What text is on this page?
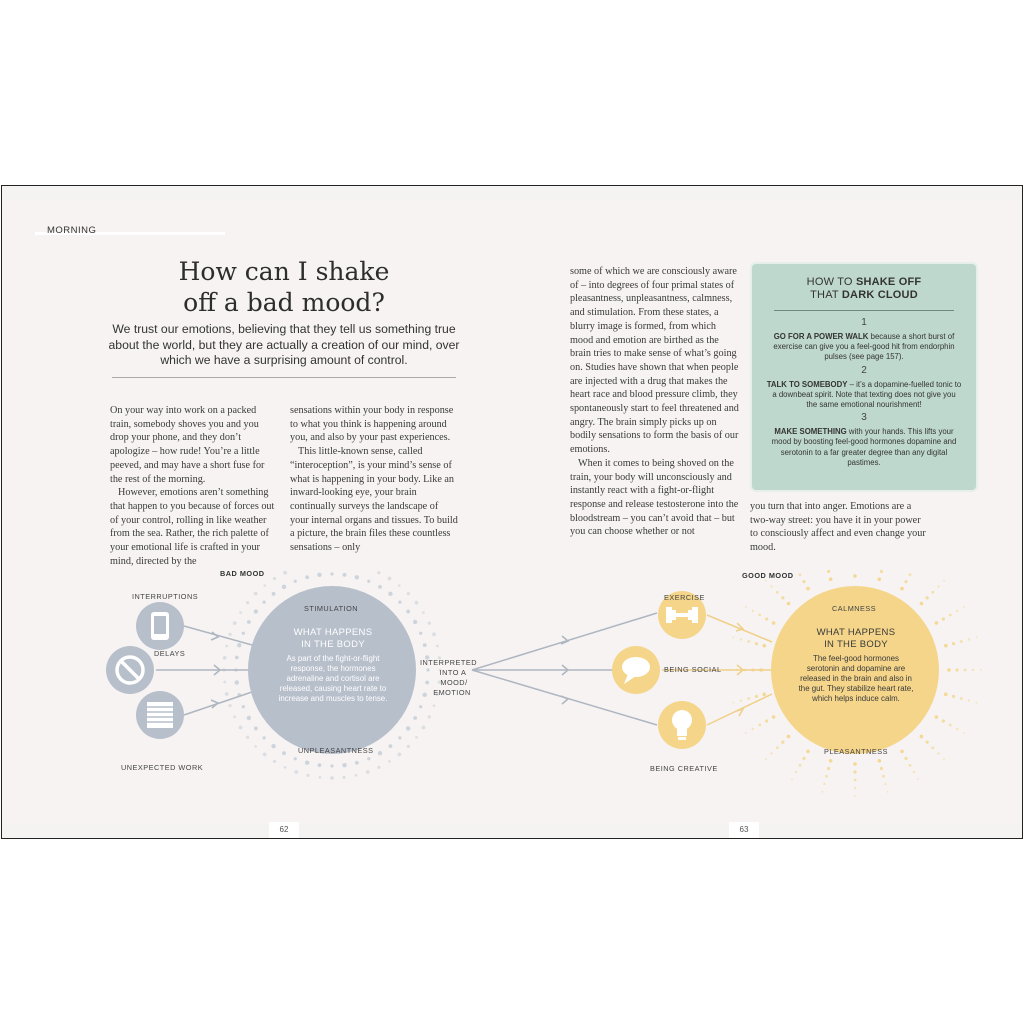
MORNING
How can I shake
off a bad mood?

We trust our emotions, believing that they tell us something true about the world, but they are actually a creation of our mind, over which we have a surprising amount of control.

On your way into work on a packed train, somebody shoves you and you drop your phone, and they don’t apologize – how rude! You’re a little peeved, and may have a short fuse for the rest of the morning.

However, emotions aren’t something that happen to you because of forces out of your control, rolling in like weather from the sea. Rather, the rich palette of your emotional life is crafted in your mind, directed by the

sensations within your body in response to what you think is happening around you, and also by your past experiences.

This little-known sense, called “interoception”, is your mind’s sense of what is happening in your body. Like an inward-looking eye, your brain continually surveys the landscape of your internal organs and tissues. To build a picture, the brain files these countless sensations – only

some of which we are consciously aware of – into degrees of four primal states of pleasantness, unpleasantness, calmness, and stimulation. From these states, a blurry image is formed, from which mood and emotion are birthed as the brain tries to make sense of what’s going on. Studies have shown that when people are injected with a drug that makes the heart race and blood pressure climb, they spontaneously start to feel threatened and angry. The brain simply picks up on bodily sensations to form the basis of our emotions.

When it comes to being shoved on the train, your body will unconsciously and instantly react with a fight-or-flight response and release testosterone into the bloodstream – you can’t avoid that – but you can choose whether or not

you turn that into anger. Emotions are a two-way street: you have it in your power to consciously affect and even change your mood.

HOW TO SHAKE OFF
THAT DARK CLOUD
1
GO FOR A POWER WALK because a short burst of exercise can give you a feel-good hit from endorphin pulses (see page 157).
2
TALK TO SOMEBODY – it’s a dopamine-fuelled tonic to a downbeat spirit. Note that texting does not give you the same emotional nourishment!
3
MAKE SOMETHING with your hands. This lifts your mood by boosting feel-good hormones dopamine and serotonin to a far greater degree than any digital pastimes.
BAD MOOD	GOOD MOOD
INTERRUPTIONS
DELAYS
UNEXPECTED WORK
EXERCISE
BEING SOCIAL
BEING CREATIVE
STIMULATION
UNPLEASANTNESS
CALMNESS
PLEASANTNESS
INTERPRETED
INTO A
MOOD/
EMOTION
WHAT HAPPENS
IN THE BODY
As part of the fight-or-flight response, the hormones adrenaline and cortisol are released, causing heart rate to increase and muscles to tense.
WHAT HAPPENS
IN THE BODY
The feel-good hormones serotonin and dopamine are released in the brain and also in the gut. They stabilize heart rate, which helps induce calm.
62	63
